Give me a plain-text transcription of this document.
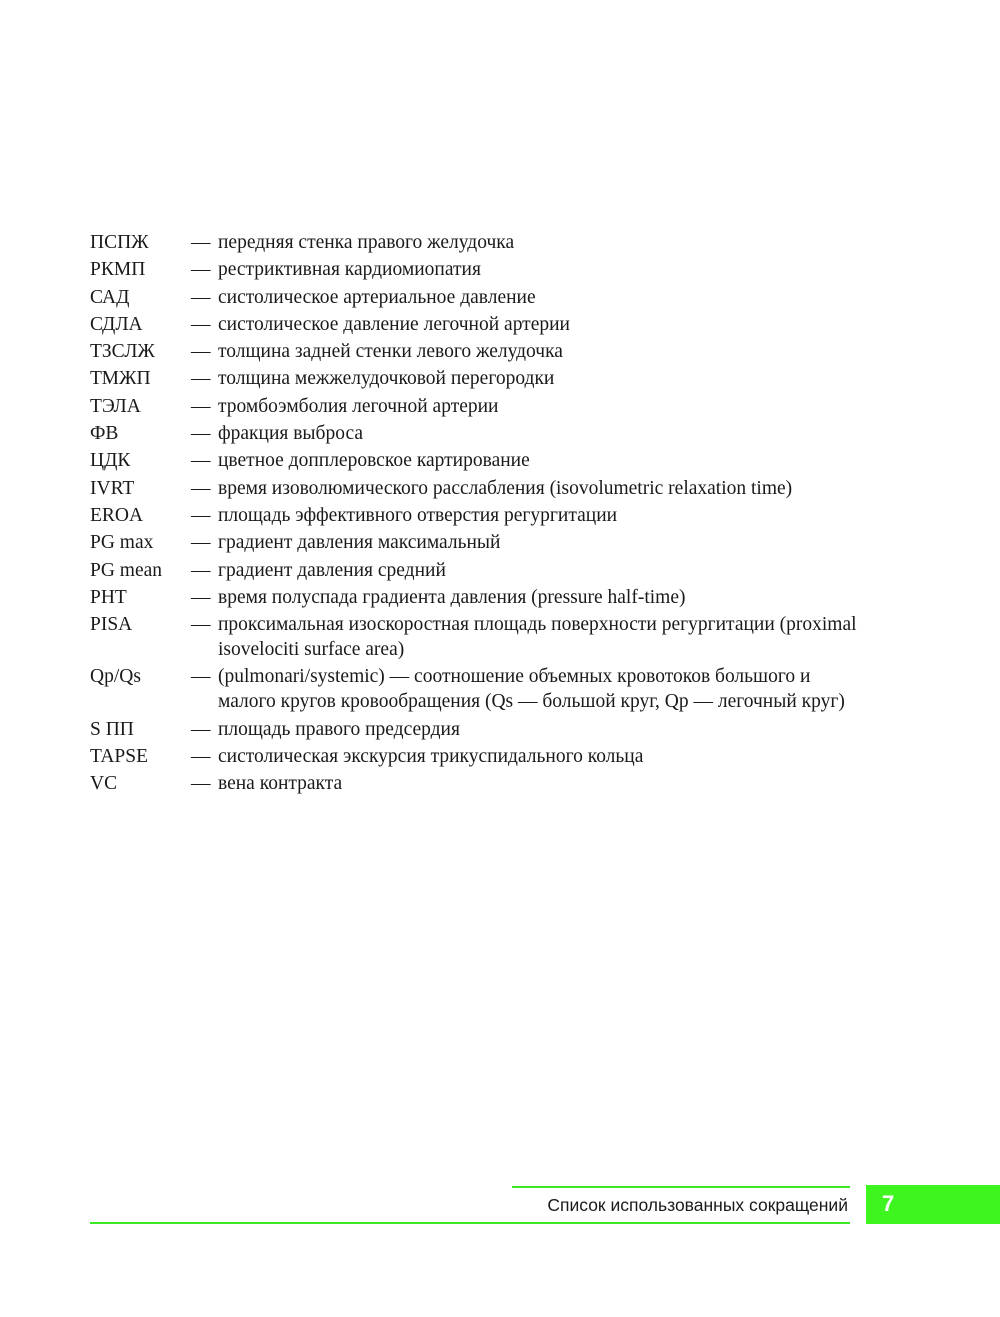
ПСПЖ	— передняя стенка правого желудочка
РКМП	— рестриктивная кардиомиопатия
САД	— систолическое артериальное давление
СДЛА	— систолическое давление легочной артерии
ТЗСЛЖ	— толщина задней стенки левого желудочка
ТМЖП	— толщина межжелудочковой перегородки
ТЭЛА	— тромбоэмболия легочной артерии
ФВ	— фракция выброса
ЦДК	— цветное допплеровское картирование
IVRT	— время изоволюмического расслабления (isovolumetric relaxation time)
EROA	— площадь эффективного отверстия регургитации
PG max	— градиент давления максимальный
PG mean	— градиент давления средний
PHT	— время полуспада градиента давления (pressure half-time)
PISA	— проксимальная изоскоростная площадь поверхности регургитации (proximal isovelociti surface area)
Qp/Qs	— (pulmonari/systemic) — соотношение объемных кровотоков большого и малого кругов кровообращения (Qs — большой круг, Qp — легочный круг)
S ПП	— площадь правого предсердия
TAPSE	— систолическая экскурсия трикуспидального кольца
VC	— вена контракта
Список использованных сокращений 7
